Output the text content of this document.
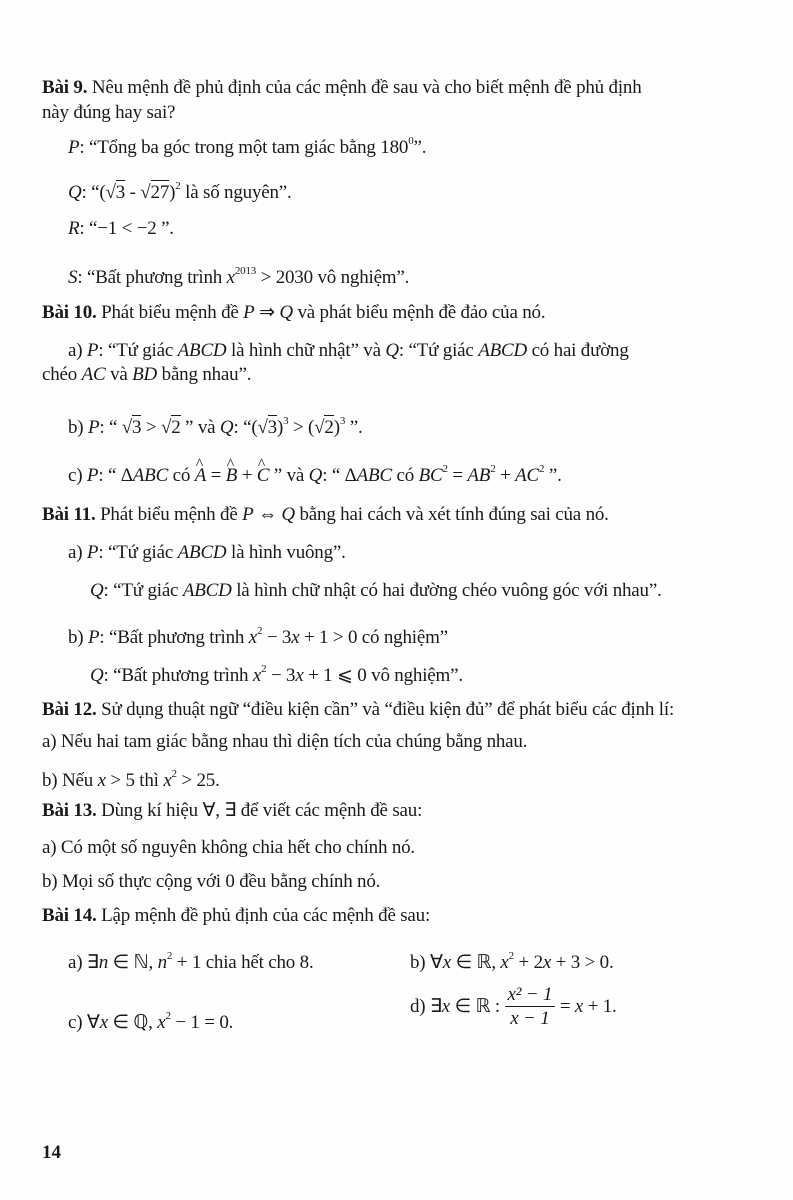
Bài 9. Nêu mệnh đề phủ định của các mệnh đề sau và cho biết mệnh đề phủ định
này đúng hay sai?
P: “Tổng ba góc trong một tam giác bằng $180^0$”.
Q: “(√3 - √27)$^2$ là số nguyên”.
R: “−1 < −2 ”.
S: “Bất phương trình $x^{2013} > 2030$ vô nghiệm”.
Bài 10. Phát biểu mệnh đề P ⇒ Q và phát biểu mệnh đề đảo của nó.
a) P: “Tứ giác ABCD là hình chữ nhật” và Q: “Tứ giác ABCD có hai đường
chéo AC và BD bằng nhau”.
b) P: “ √3 > √2 ” và Q: “$(√3)^3 > (√2)^3$ ”.
c) P: “ ΔABC có ^ A = ^ B + ^ C ” và Q: “ ΔABC có $BC^2 = AB^2 + AC^2$ ”.
Bài 11. Phát biểu mệnh đề P ⇔ Q bằng hai cách và xét tính đúng sai của nó.
a) P: “Tứ giác ABCD là hình vuông”.
Q: “Tứ giác ABCD là hình chữ nhật có hai đường chéo vuông góc với nhau”.
b) P: “Bất phương trình $x^2 - 3x + 1 > 0$ có nghiệm”
Q: “Bất phương trình $x^2 - 3x + 1$ ⩽ 0 vô nghiệm”.
Bài 12. Sử dụng thuật ngữ “điều kiện cần” và “điều kiện đủ” để phát biểu các định lí:
a) Nếu hai tam giác bằng nhau thì diện tích của chúng bằng nhau.
b) Nếu x > 5 thì $x^2 > 25$.
Bài 13. Dùng kí hiệu ∀, ∃ để viết các mệnh đề sau:
a) Có một số nguyên không chia hết cho chính nó.
b) Mọi số thực cộng với 0 đều bằng chính nó.
Bài 14. Lập mệnh đề phủ định của các mệnh đề sau:
a) ∃n ∈ ℕ, $n^2 + 1$ chia hết cho 8.	b) ∀x ∈ ℝ, $x^2 + 2x + 3 > 0$.
c) ∀x ∈ ℚ, $x^2 - 1 = 0$.
d) ∃x ∈ ℝ : $\frac{\text{x² − 1}}{x - 1} = x + 1$.
14
